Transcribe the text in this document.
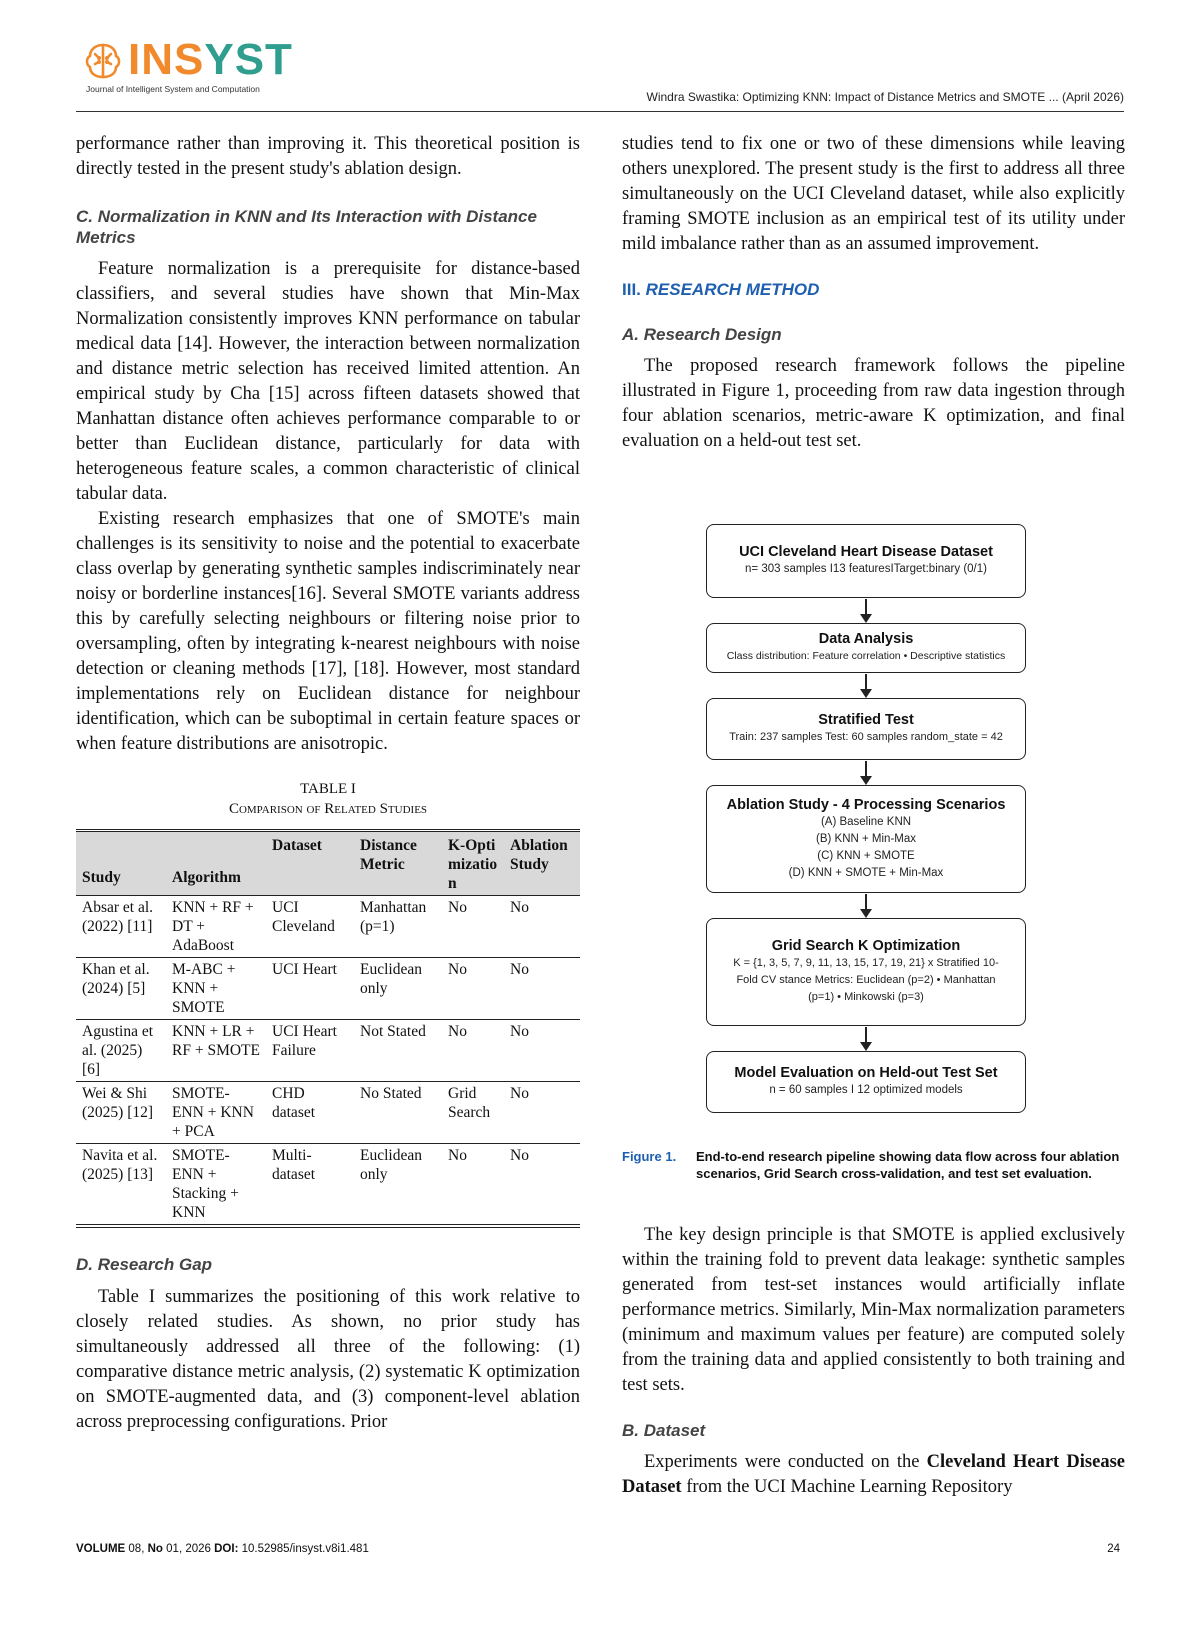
INSYST
Journal of Intelligent System and Computation
Windra Swastika: Optimizing KNN: Impact of Distance Metrics and SMOTE ... (April 2026)

performance rather than improving it. This theoretical position is directly tested in the present study's ablation design.

C. Normalization in KNN and Its Interaction with Distance Metrics

Feature normalization is a prerequisite for distance-based classifiers, and several studies have shown that Min-Max Normalization consistently improves KNN performance on tabular medical data [14]. However, the interaction between normalization and distance metric selection has received limited attention. An empirical study by Cha [15] across fifteen datasets showed that Manhattan distance often achieves performance comparable to or better than Euclidean distance, particularly for data with heterogeneous feature scales, a common characteristic of clinical tabular data.

Existing research emphasizes that one of SMOTE's main challenges is its sensitivity to noise and the potential to exacerbate class overlap by generating synthetic samples indiscriminately near noisy or borderline instances[16]. Several SMOTE variants address this by carefully selecting neighbours or filtering noise prior to oversampling, often by integrating k-nearest neighbours with noise detection or cleaning methods [17], [18]. However, most standard implementations rely on Euclidean distance for neighbour identification, which can be suboptimal in certain feature spaces or when feature distributions are anisotropic.

TABLE I
Comparison of Related Studies
Study	Algorithm	Dataset	Distance Metric	K-Optimization	Ablation Study
Absar et al. (2022) [11]	KNN + RF + DT + AdaBoost	UCI Cleveland	Manhattan (p=1)	No	No
Khan et al. (2024) [5]	M-ABC + KNN + SMOTE	UCI Heart	Euclidean only	No	No
Agustina et al. (2025) [6]	KNN + LR + RF + SMOTE	UCI Heart Failure	Not Stated	No	No
Wei & Shi (2025) [12]	SMOTE-ENN + KNN + PCA	CHD dataset	No Stated	Grid Search	No
Navita et al. (2025) [13]	SMOTE-ENN + Stacking + KNN	Multi-dataset	Euclidean only	No	No
D. Research Gap

Table I summarizes the positioning of this work relative to closely related studies. As shown, no prior study has simultaneously addressed all three of the following: (1) comparative distance metric analysis, (2) systematic K optimization on SMOTE-augmented data, and (3) component-level ablation across preprocessing configurations. Prior

studies tend to fix one or two of these dimensions while leaving others unexplored. The present study is the first to address all three simultaneously on the UCI Cleveland dataset, while also explicitly framing SMOTE inclusion as an empirical test of its utility under mild imbalance rather than as an assumed improvement.

III. RESEARCH METHOD
A. Research Design

The proposed research framework follows the pipeline illustrated in Figure 1, proceeding from raw data ingestion through four ablation scenarios, metric-aware K optimization, and final evaluation on a held-out test set.

UCI Cleveland Heart Disease Dataset
n= 303 samples I13 featuresITarget:binary (0/1)
Data Analysis
Class distribution: Feature correlation • Descriptive statistics
Stratified Test
Train: 237 samples Test: 60 samples random_state = 42
Ablation Study - 4 Processing Scenarios
(A) Baseline KNN
(B) KNN + Min-Max
(C) KNN + SMOTE
(D) KNN + SMOTE + Min-Max
Grid Search K Optimization
K = {1, 3, 5, 7, 9, 11, 13, 15, 17, 19, 21} x Stratified 10-
Fold CV stance Metrics: Euclidean (p=2) • Manhattan
(p=1) • Minkowski (p=3)
Model Evaluation on Held-out Test Set
n = 60 samples I 12 optimized models
Figure 1. End-to-end research pipeline showing data flow across four ablation scenarios, Grid Search cross-validation, and test set evaluation.

The key design principle is that SMOTE is applied exclusively within the training fold to prevent data leakage: synthetic samples generated from test-set instances would artificially inflate performance metrics. Similarly, Min-Max normalization parameters (minimum and maximum values per feature) are computed solely from the training data and applied consistently to both training and test sets.

B. Dataset

Experiments were conducted on the Cleveland Heart Disease Dataset from the UCI Machine Learning Repository

VOLUME 08, No 01, 2026 DOI: 10.52985/insyst.v8i1.481	24
